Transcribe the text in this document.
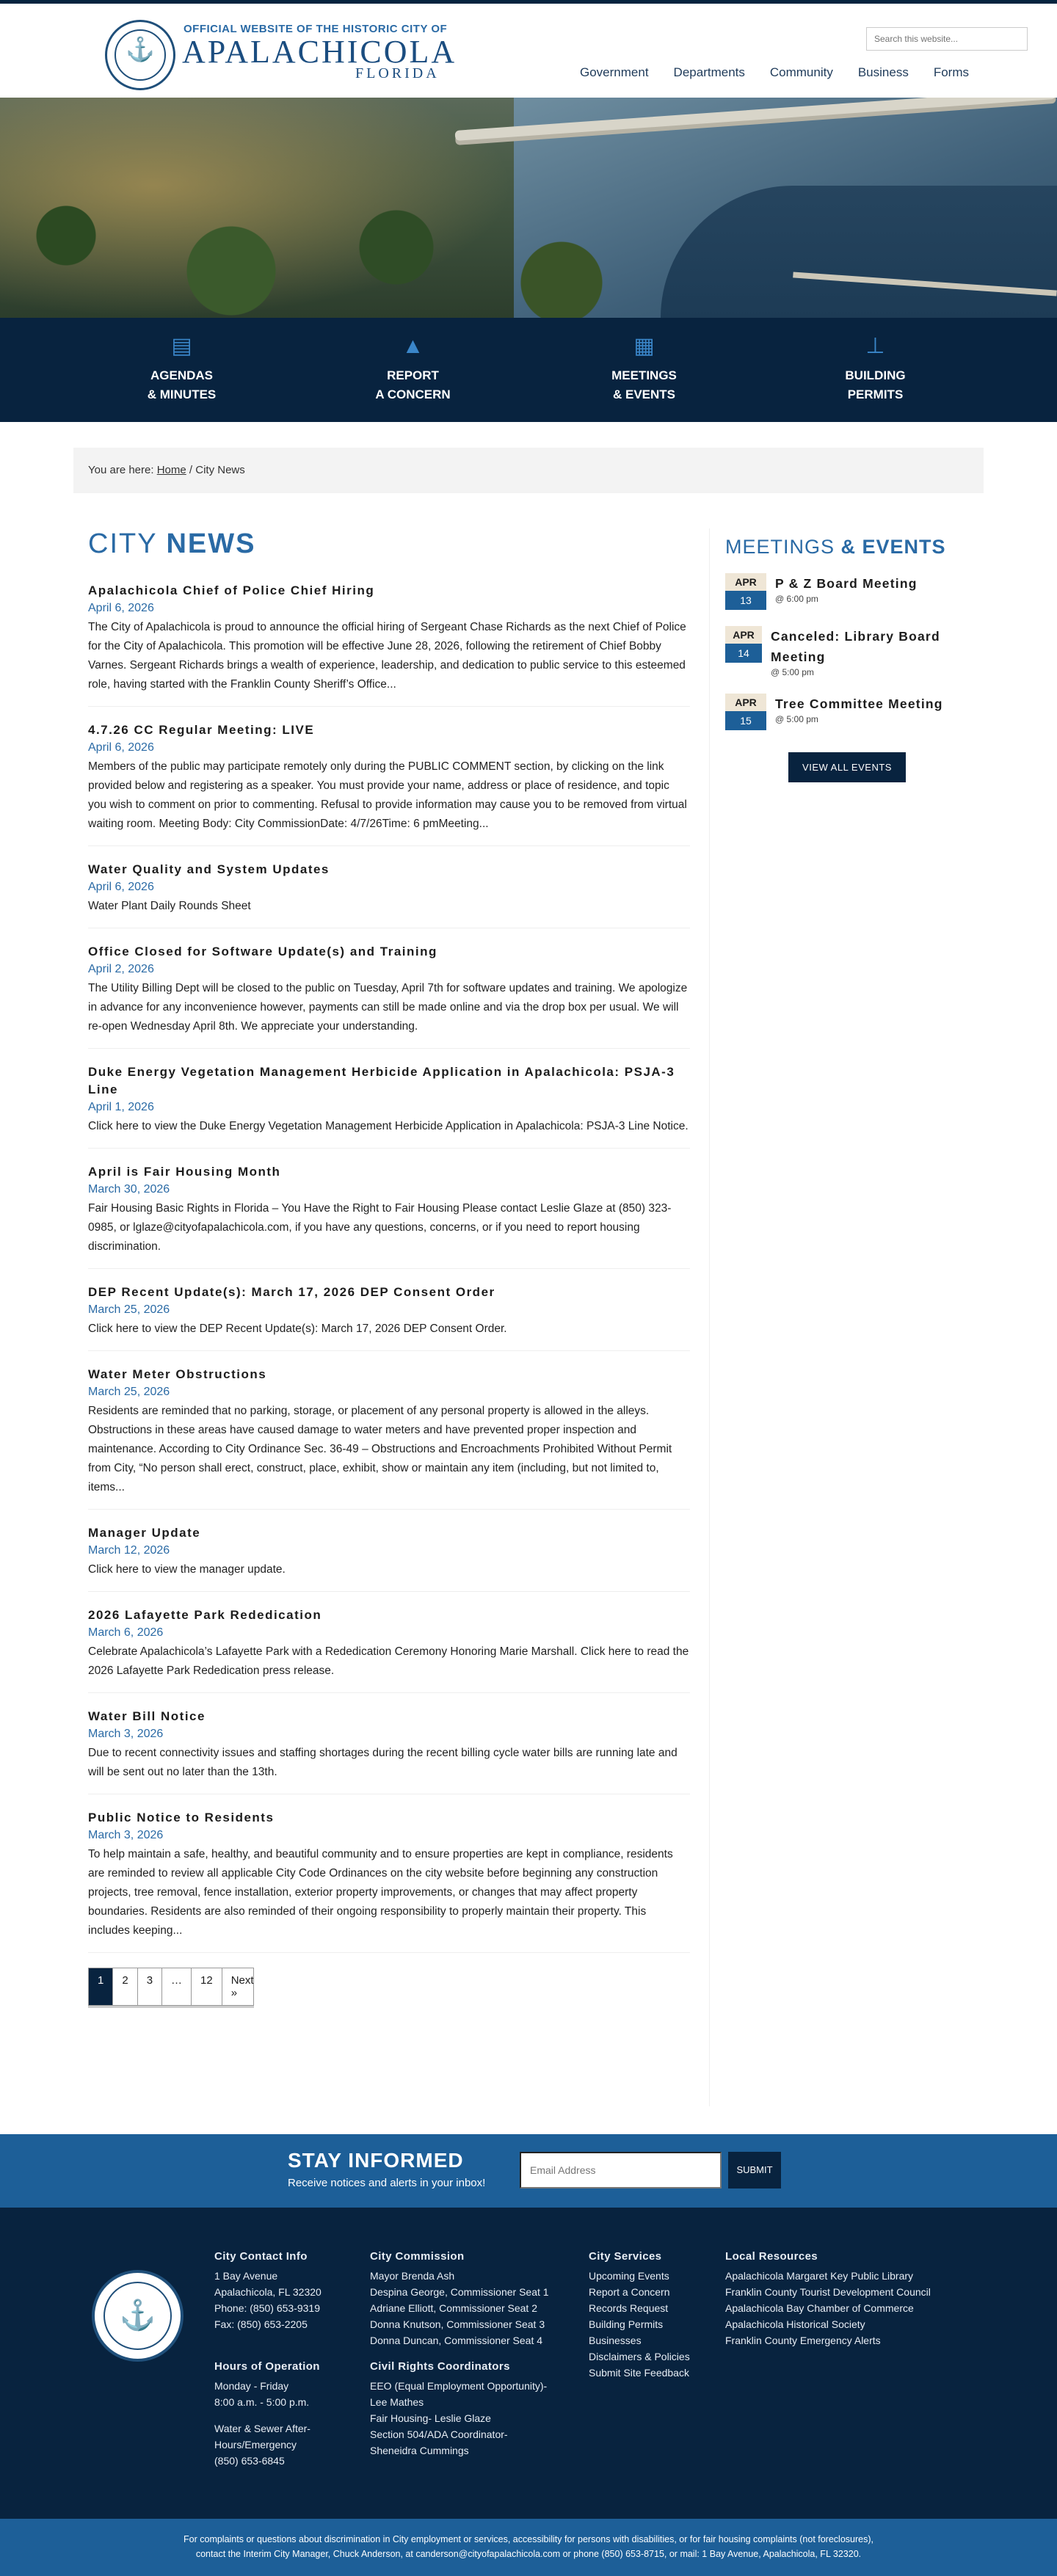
⚓
OFFICIAL WEBSITE OF THE HISTORIC CITY OF
APALACHICOLA
FLORIDA
Search this website...	Government Departments Community Business Forms
▤
AGENDAS
& MINUTES
▲
REPORT
A CONCERN
▦
MEETINGS
& EVENTS
⊥
BUILDING
PERMITS
You are here: Home / City News
CITY NEWS
Apalachicola Chief of Police Chief Hiring
April 6, 2026

The City of Apalachicola is proud to announce the official hiring of Sergeant Chase Richards as the next Chief of Police for the City of Apalachicola. This promotion will be effective June 28, 2026, following the retirement of Chief Bobby Varnes. Sergeant Richards brings a wealth of experience, leadership, and dedication to public service to this esteemed role, having started with the Franklin County Sheriff’s Office...

4.7.26 CC Regular Meeting: LIVE
April 6, 2026

Members of the public may participate remotely only during the PUBLIC COMMENT section, by clicking on the link provided below and registering as a speaker. You must provide your name, address or place of residence, and topic you wish to comment on prior to commenting. Refusal to provide information may cause you to be removed from virtual waiting room. Meeting Body: City CommissionDate: 4/7/26Time: 6 pmMeeting...

Water Quality and System Updates
April 6, 2026

Water Plant Daily Rounds Sheet

Office Closed for Software Update(s) and Training
April 2, 2026

The Utility Billing Dept will be closed to the public on Tuesday, April 7th for software updates and training. We apologize in advance for any inconvenience however, payments can still be made online and via the drop box per usual. We will re-open Wednesday April 8th. We appreciate your understanding.

Duke Energy Vegetation Management Herbicide Application in Apalachicola: PSJA-3 Line
April 1, 2026

Click here to view the Duke Energy Vegetation Management Herbicide Application in Apalachicola: PSJA-3 Line Notice.

April is Fair Housing Month
March 30, 2026

Fair Housing Basic Rights in Florida – You Have the Right to Fair Housing Please contact Leslie Glaze at (850) 323-0985, or lglaze@cityofapalachicola.com, if you have any questions, concerns, or if you need to report housing discrimination.

DEP Recent Update(s): March 17, 2026 DEP Consent Order
March 25, 2026

Click here to view the DEP Recent Update(s): March 17, 2026 DEP Consent Order.

Water Meter Obstructions
March 25, 2026

Residents are reminded that no parking, storage, or placement of any personal property is allowed in the alleys. Obstructions in these areas have caused damage to water meters and have prevented proper inspection and maintenance. According to City Ordinance Sec. 36-49 – Obstructions and Encroachments Prohibited Without Permit from City, “No person shall erect, construct, place, exhibit, show or maintain any item (including, but not limited to, items...

Manager Update
March 12, 2026

Click here to view the manager update.

2026 Lafayette Park Rededication
March 6, 2026

Celebrate Apalachicola’s Lafayette Park with a Rededication Ceremony Honoring Marie Marshall. Click here to read the 2026 Lafayette Park Rededication press release.

Water Bill Notice
March 3, 2026

Due to recent connectivity issues and staffing shortages during the recent billing cycle water bills are running late and will be sent out no later than the 13th.

Public Notice to Residents
March 3, 2026

To help maintain a safe, healthy, and beautiful community and to ensure properties are kept in compliance, residents are reminded to review all applicable City Code Ordinances on the city website before beginning any construction projects, tree removal, fence installation, exterior property improvements, or changes that may affect property boundaries. Residents are also reminded of their ongoing responsibility to properly maintain their property. This includes keeping...

1	2	3	…	12	Next »
MEETINGS & EVENTS
APR
13
P & Z Board Meeting
@ 6:00 pm
APR
14
Canceled: Library Board Meeting
@ 5:00 pm
APR
15
Tree Committee Meeting
@ 5:00 pm
VIEW ALL EVENTS
STAY INFORMED
Receive notices and alerts in your inbox!
Email Address
SUBMIT
⚓
City Contact Info
1 Bay Avenue
Apalachicola, FL 32320
Phone: (850) 653-9319
Fax: (850) 653-2205
Hours of Operation
Monday - Friday
8:00 a.m. - 5:00 p.m.
Water & Sewer After-
Hours/Emergency
(850) 653-6845
City Commission
Mayor Brenda Ash
Despina George, Commissioner Seat 1
Adriane Elliott, Commissioner Seat 2
Donna Knutson, Commissioner Seat 3
Donna Duncan, Commissioner Seat 4
Civil Rights Coordinators
EEO (Equal Employment Opportunity)-
Lee Mathes
Fair Housing- Leslie Glaze
Section 504/ADA Coordinator-
Sheneidra Cummings
City Services
Upcoming Events
Report a Concern
Records Request
Building Permits
Businesses
Disclaimers & Policies
Submit Site Feedback
Local Resources
Apalachicola Margaret Key Public Library
Franklin County Tourist Development Council
Apalachicola Bay Chamber of Commerce
Apalachicola Historical Society
Franklin County Emergency Alerts
For complaints or questions about discrimination in City employment or services, accessibility for persons with disabilities, or for fair housing complaints (not foreclosures),
contact the Interim City Manager, Chuck Anderson, at canderson@cityofapalachicola.com or phone (850) 653-8715, or mail: 1 Bay Avenue, Apalachicola, FL 32320.
